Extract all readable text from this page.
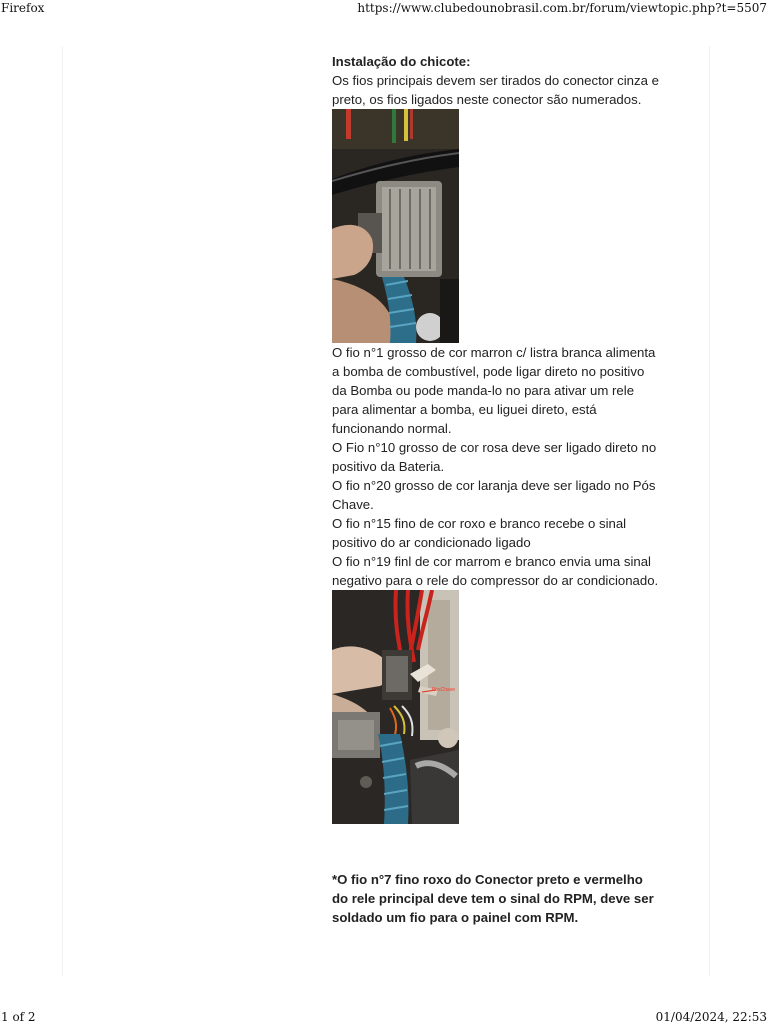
Firefox	https://www.clubedounobrasil.com.br/forum/viewtopic.php?t=5507

Instalação do chicote:

Os fios principais devem ser tirados do conector cinza e preto, os fios ligados neste conector são numerados.

O fio n°1 grosso de cor marron c/ listra branca alimenta a bomba de combustível, pode ligar direto no positivo da Bomba ou pode manda-lo no para ativar um rele para alimentar a bomba, eu liguei direto, está funcionando normal.

O Fio n°10 grosso de cor rosa deve ser ligado direto no positivo da Bateria.

O fio n°20 grosso de cor laranja deve ser ligado no Pós Chave.

O fio n°15 fino de cor roxo e branco recebe o sinal positivo do ar condicionado ligado

O fio n°19 finl de cor marrom e branco envia uma sinal negativo para o rele do compressor do ar condicionado.

PósChave

*O fio n°7 fino roxo do Conector preto e vermelho do rele principal deve tem o sinal do RPM, deve ser soldado um fio para o painel com RPM.

1 of 2	01/04/2024, 22:53
